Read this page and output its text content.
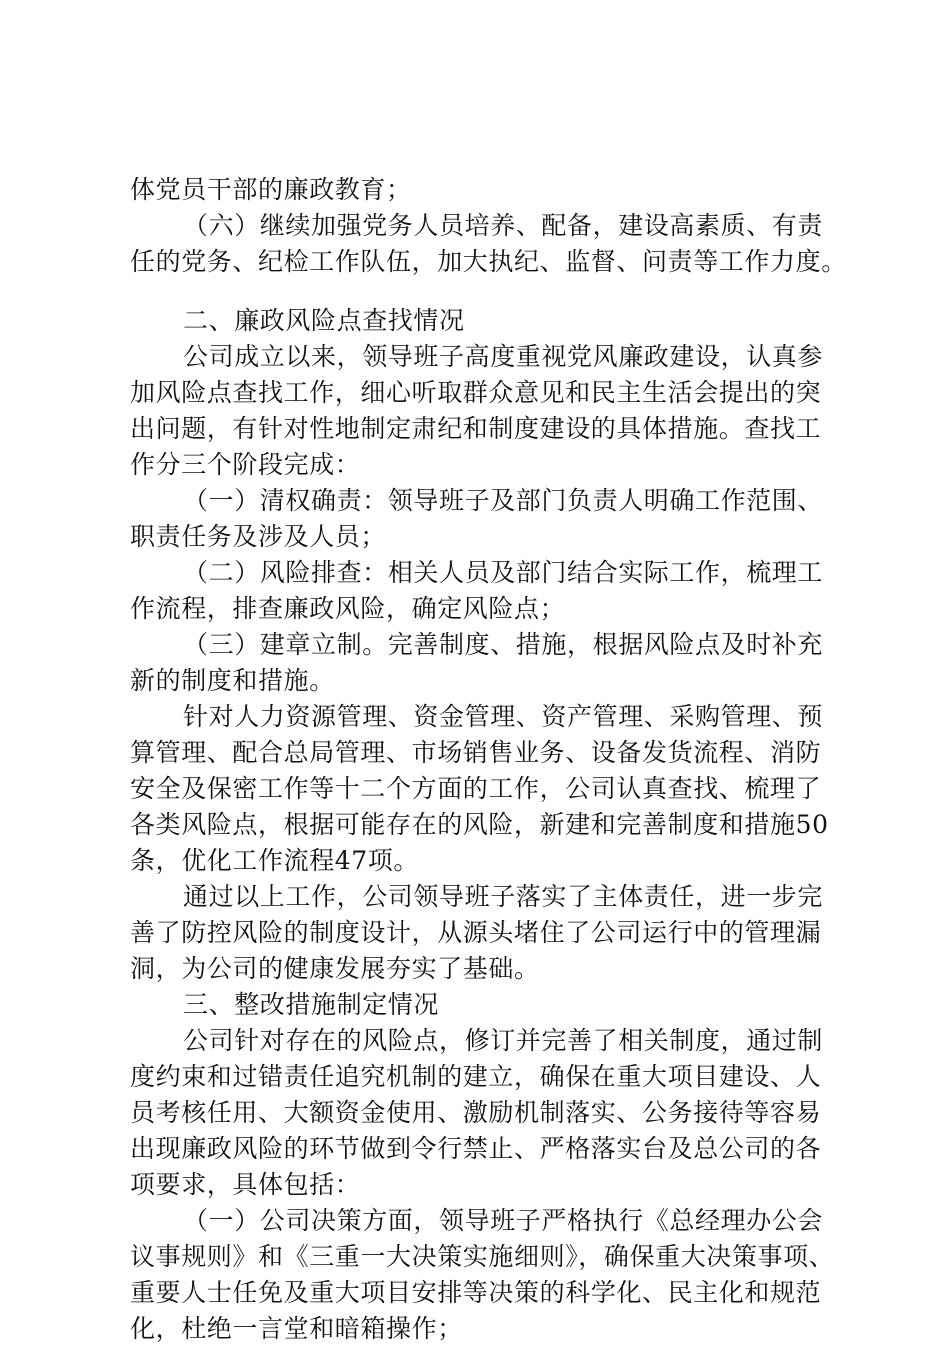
体党员干部的廉政教育；
（六）继续加强党务人员培养、配备，建设高素质、有责
任的党务、纪检工作队伍，加大执纪、监督、问责等工作力度。
二、廉政风险点查找情况
公司成立以来，领导班子高度重视党风廉政建设，认真参
加风险点查找工作，细心听取群众意见和民主生活会提出的突
出问题，有针对性地制定肃纪和制度建设的具体措施。查找工
作分三个阶段完成：
（一）清权确责：领导班子及部门负责人明确工作范围、
职责任务及涉及人员；
（二）风险排查：相关人员及部门结合实际工作，梳理工
作流程，排查廉政风险，确定风险点；
（三）建章立制。完善制度、措施，根据风险点及时补充
新的制度和措施。
针对人力资源管理、资金管理、资产管理、采购管理、预
算管理、配合总局管理、市场销售业务、设备发货流程、消防
安全及保密工作等十二个方面的工作，公司认真查找、梳理了
各类风险点，根据可能存在的风险，新建和完善制度和措施50
条，优化工作流程47项。
通过以上工作，公司领导班子落实了主体责任，进一步完
善了防控风险的制度设计，从源头堵住了公司运行中的管理漏
洞，为公司的健康发展夯实了基础。
三、整改措施制定情况
公司针对存在的风险点，修订并完善了相关制度，通过制
度约束和过错责任追究机制的建立，确保在重大项目建设、人
员考核任用、大额资金使用、激励机制落实、公务接待等容易
出现廉政风险的环节做到令行禁止、严格落实台及总公司的各
项要求，具体包括：
（一）公司决策方面，领导班子严格执行《总经理办公会
议事规则》和《三重一大决策实施细则》，确保重大决策事项、
重要人士任免及重大项目安排等决策的科学化、民主化和规范
化，杜绝一言堂和暗箱操作；
